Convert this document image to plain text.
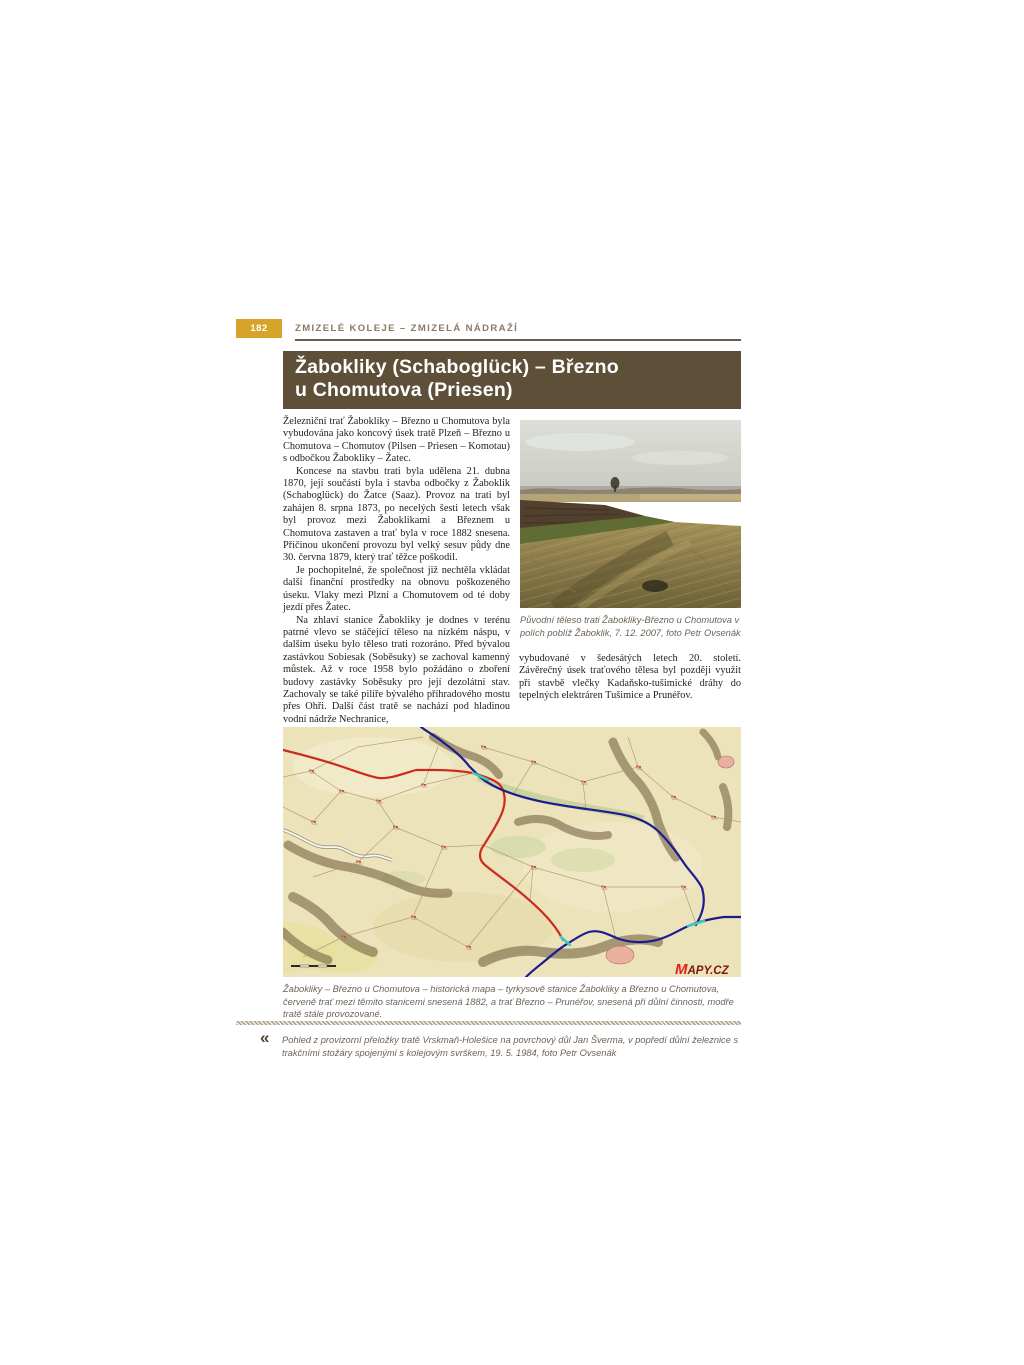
182	ZMIZELÉ KOLEJE – ZMIZELÁ NÁDRAŽÍ
Žabokliky (Schaboglück) – Březno
u Chomutova (Priesen)

Železniční trať Žabokliky – Březno u Chomutova byla vybudována jako koncový úsek tratě Plzeň – Březno u Chomutova – Chomutov (Pilsen – Priesen – Komotau) s odbočkou Žabokliky – Žatec.

Koncese na stavbu trati byla udělena 21. dubna 1870, její součástí byla i stavba odbočky z Žaboklik (Schaboglück) do Žatce (Saaz). Provoz na trati byl zahájen 8. srpna 1873, po necelých šesti letech však byl provoz mezi Žaboklikami a Březnem u Chomutova zastaven a trať byla v roce 1882 snesena. Příčinou ukončení provozu byl velký sesuv půdy dne 30. června 1879, který trať těžce poškodil.

Je pochopitelné, že společnost již nechtěla vkládat další finanční prostředky na obnovu poškozeného úseku. Vlaky mezi Plzní a Chomutovem od té doby jezdí přes Žatec.

Na zhlaví stanice Žabokliky je dodnes v terénu patrné vlevo se stáčející těleso na nízkém náspu, v dalším úseku bylo těleso trati rozoráno. Před bývalou zastávkou Sobiesak (Soběsuky) se zachoval kamenný můstek. Až v roce 1958 bylo požádáno o zboření budovy zastávky Soběsuky pro její dezolátní stav. Zachovaly se také pilíře bývalého příhradového mostu přes Ohři. Další část tratě se nachází pod hladinou vodní nádrže Nechranice,

Původní těleso trati Žabokliky-Březno u Chomutova v polích poblíž Žaboklik, 7. 12. 2007, foto Petr Ovsenák

vybudované v šedesátých letech 20. století. Závěrečný úsek traťového tělesa byl později využit při stavbě vlečky Kadaňsko-tušimické dráhy do tepelných elektráren Tušimice a Prunéřov.

MAPY.CZ
Žabokliky – Březno u Chomutova – historická mapa – tyrkysově stanice Žabokliky a Březno u Chomutova, červeně trať mezi těmito stanicemi snesená 1882, a trať Březno – Prunéřov, snesená při důlní činnosti, modře tratě stále provozované.
« Pohled z provizorní přeložky tratě Vrskmaň-Holešice na povrchový důl Jan Šverma, v popředí důlní železnice s trakčními stožáry spojenými s kolejovým svrškem, 19. 5. 1984, foto Petr Ovsenák
